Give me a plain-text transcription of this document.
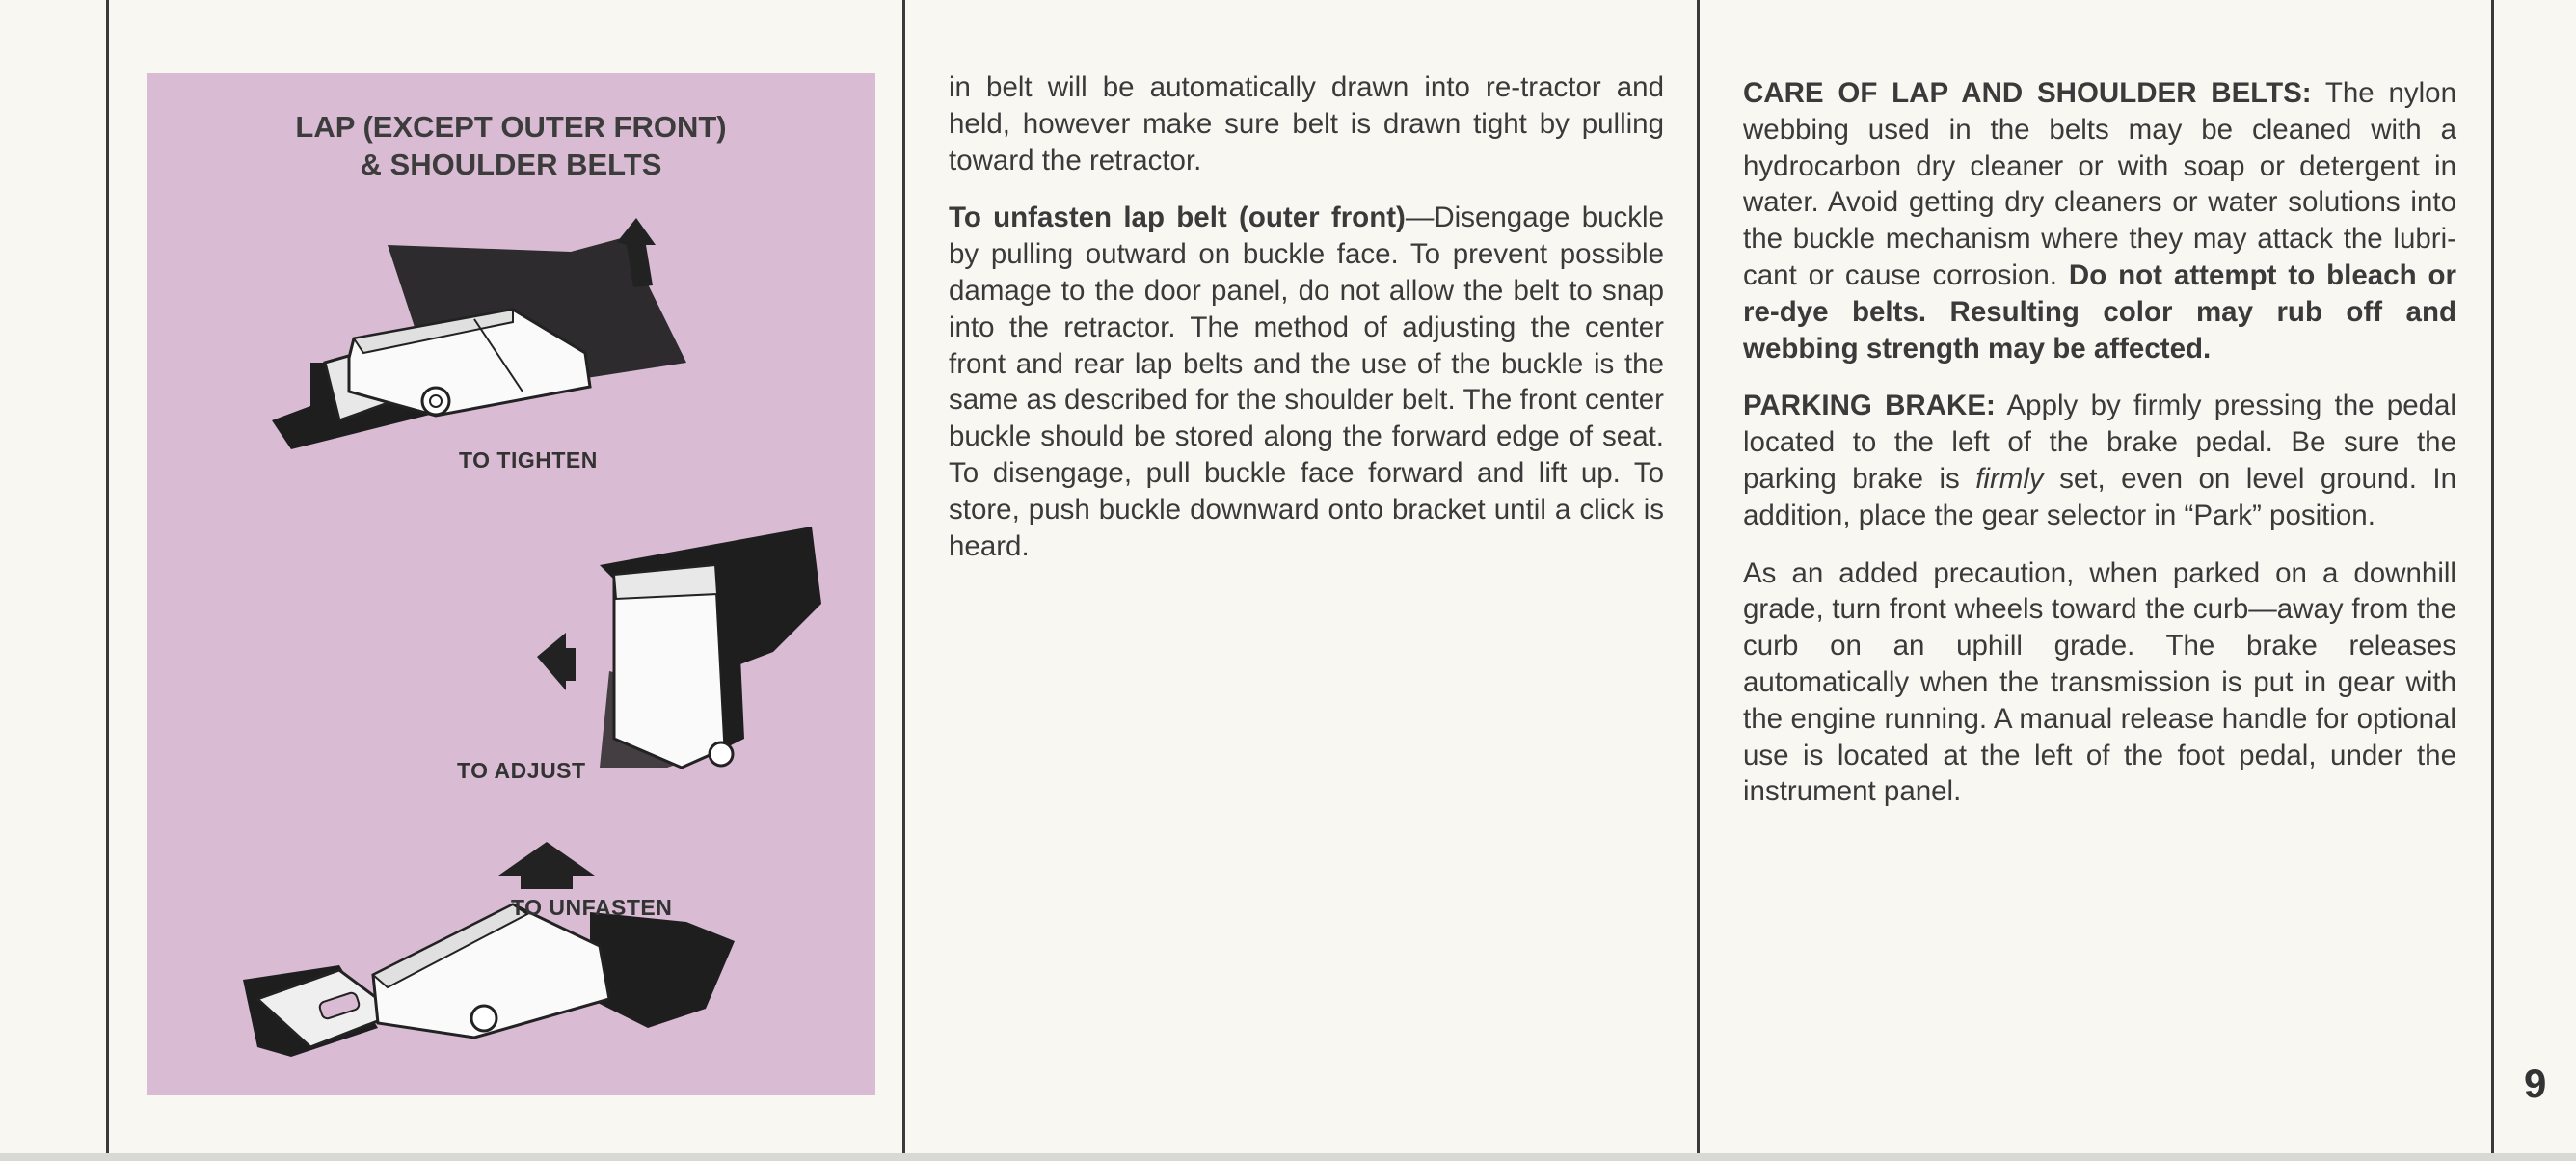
LAP (EXCEPT OUTER FRONT)
& SHOULDER BELTS
TO TIGHTEN
TO ADJUST
TO UNFASTEN

in belt will be automatically drawn into re-tractor and held, however make sure belt is drawn tight by pulling toward the retractor.

To unfasten lap belt (outer front)—Disengage buckle by pulling outward on buckle face. To prevent possible damage to the door panel, do not allow the belt to snap into the retractor. The method of adjusting the center front and rear lap belts and the use of the buckle is the same as described for the shoulder belt. The front center buckle should be stored along the forward edge of seat. To disengage, pull buckle face forward and lift up. To store, push buckle downward onto bracket until a click is heard.

CARE OF LAP AND SHOULDER BELTS: The nylon webbing used in the belts may be cleaned with a hydrocarbon dry cleaner or with soap or detergent in water. Avoid getting dry cleaners or water solutions into the buckle mechanism where they may attack the lubri-cant or cause corrosion. Do not attempt to bleach or re-dye belts. Resulting color may rub off and webbing strength may be affected.

PARKING BRAKE: Apply by firmly pressing the pedal located to the left of the brake pedal. Be sure the parking brake is firmly set, even on level ground. In addition, place the gear selector in “Park” position.

As an added precaution, when parked on a downhill grade, turn front wheels toward the curb—away from the curb on an uphill grade. The brake releases automatically when the transmission is put in gear with the engine running. A manual release handle for optional use is located at the left of the foot pedal, under the instrument panel.

9
